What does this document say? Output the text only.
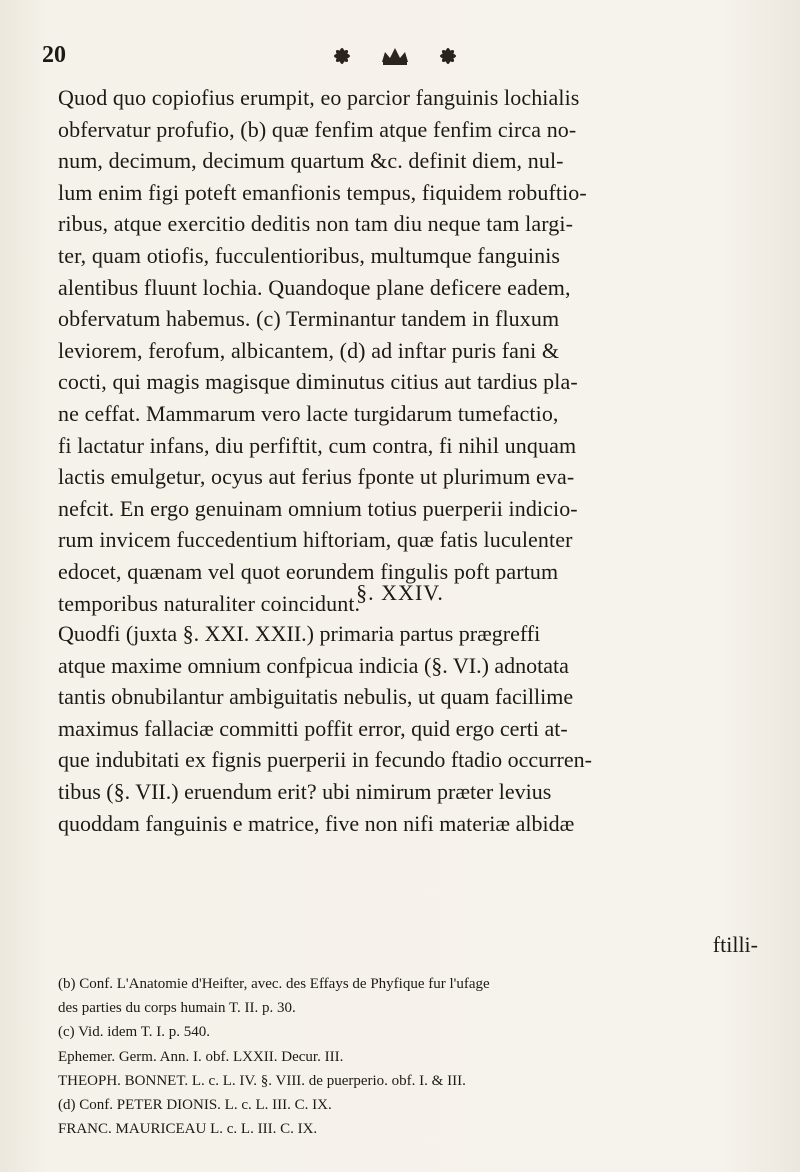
20

Quod quo copiofius erumpit, eo parcior fanguinis lochialis

obfervatur profufio, (b) quæ fenfim atque fenfim circa no-

num, decimum, decimum quartum &c. definit diem, nul-

lum enim figi poteft emanfionis tempus, fiquidem robuftio-

ribus, atque exercitio deditis non tam diu neque tam largi-

ter, quam otiofis, fucculentioribus, multumque fanguinis

alentibus fluunt lochia. Quandoque plane deficere eadem,

obfervatum habemus. (c) Terminantur tandem in fluxum

leviorem, ferofum, albicantem, (d) ad inftar puris fani &

cocti, qui magis magisque diminutus citius aut tardius pla-

ne ceffat. Mammarum vero lacte turgidarum tumefactio,

fi lactatur infans, diu perfiftit, cum contra, fi nihil unquam

lactis emulgetur, ocyus aut ferius fponte ut plurimum eva-

nefcit. En ergo genuinam omnium totius puerperii indicio-

rum invicem fuccedentium hiftoriam, quæ fatis luculenter

edocet, quænam vel quot eorundem fingulis poft partum

temporibus naturaliter coincidunt.

§. XXIV.

Quodfi (juxta §. XXI. XXII.) primaria partus prægreffi

atque maxime omnium confpicua indicia (§. VI.) adnotata

tantis obnubilantur ambiguitatis nebulis, ut quam facillime

maximus fallaciæ committi poffit error, quid ergo certi at-

que indubitati ex fignis puerperii in fecundo ftadio occurren-

tibus (§. VII.) eruendum erit? ubi nimirum præter levius

quoddam fanguinis e matrice, five non nifi materiæ albidæ

ftilli-

(b) Conf. L'Anatomie d'Heifter, avec. des Effays de Phyfique fur l'ufage

des parties du corps humain T. II. p. 30.

(c) Vid. idem T. I. p. 540.

Ephemer. Germ. Ann. I. obf. LXXII. Decur. III.

THEOPH. BONNET. L. c. L. IV. §. VIII. de puerperio. obf. I. & III.

(d) Conf. PETER DIONIS. L. c. L. III. C. IX.

FRANC. MAURICEAU L. c. L. III. C. IX.
